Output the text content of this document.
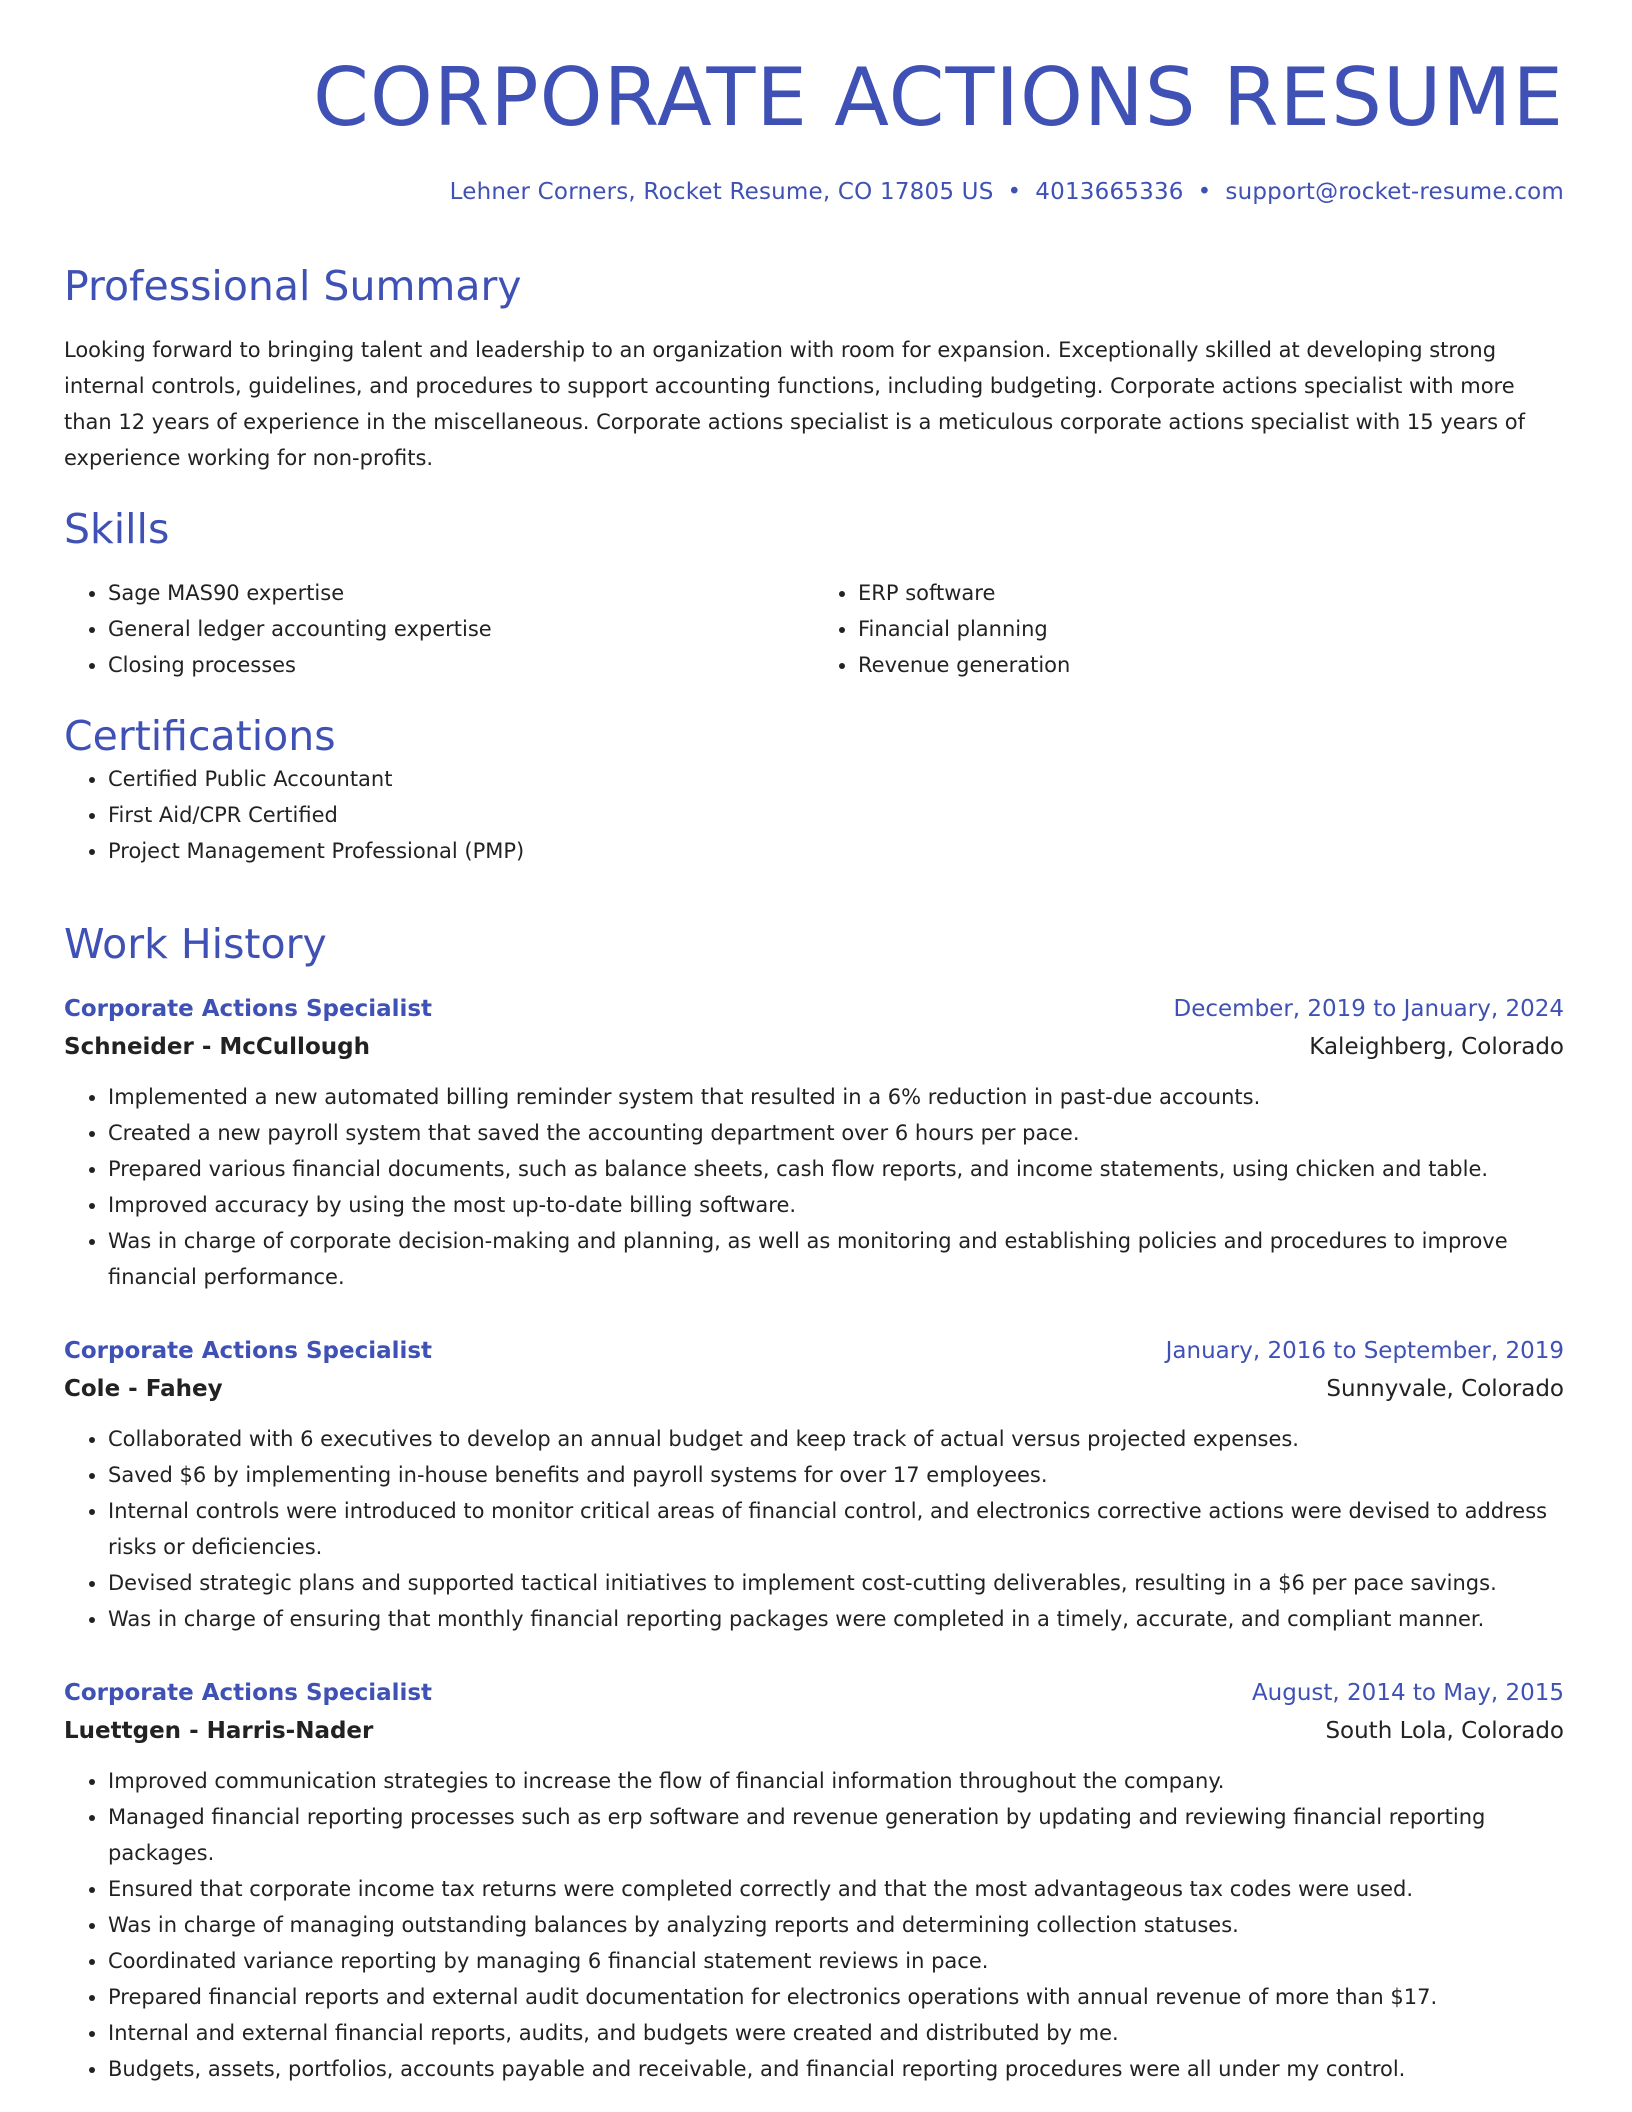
CORPORATE ACTIONS RESUME
Lehner Corners, Rocket Resume, CO 17805 US • 4013665336 • support@rocket-resume.com
Professional Summary

Looking forward to bringing talent and leadership to an organization with room for expansion. Exceptionally skilled at developing strong internal controls, guidelines, and procedures to support accounting functions, including budgeting. Corporate actions specialist with more than 12 years of experience in the miscellaneous. Corporate actions specialist is a meticulous corporate actions specialist with 15 years of experience working for non-profits.

Skills
• Sage MAS90 expertise
• General ledger accounting expertise
• Closing processes
• ERP software
• Financial planning
• Revenue generation
Certifications
• Certified Public Accountant
• First Aid/CPR Certified
• Project Management Professional (PMP)
Work History
Corporate Actions Specialist	December, 2019 to January, 2024
Schneider - McCullough	Kaleighberg, Colorado
• Implemented a new automated billing reminder system that resulted in a 6% reduction in past-due accounts.
• Created a new payroll system that saved the accounting department over 6 hours per pace.
• Prepared various financial documents, such as balance sheets, cash flow reports, and income statements, using chicken and table.
• Improved accuracy by using the most up-to-date billing software.
• Was in charge of corporate decision-making and planning, as well as monitoring and establishing policies and procedures to improve financial performance.
Corporate Actions Specialist	January, 2016 to September, 2019
Cole - Fahey	Sunnyvale, Colorado
• Collaborated with 6 executives to develop an annual budget and keep track of actual versus projected expenses.
• Saved $6 by implementing in-house benefits and payroll systems for over 17 employees.
• Internal controls were introduced to monitor critical areas of financial control, and electronics corrective actions were devised to address risks or deficiencies.
• Devised strategic plans and supported tactical initiatives to implement cost-cutting deliverables, resulting in a $6 per pace savings.
• Was in charge of ensuring that monthly financial reporting packages were completed in a timely, accurate, and compliant manner.
Corporate Actions Specialist	August, 2014 to May, 2015
Luettgen - Harris-Nader	South Lola, Colorado
• Improved communication strategies to increase the flow of financial information throughout the company.
• Managed financial reporting processes such as erp software and revenue generation by updating and reviewing financial reporting packages.
• Ensured that corporate income tax returns were completed correctly and that the most advantageous tax codes were used.
• Was in charge of managing outstanding balances by analyzing reports and determining collection statuses.
• Coordinated variance reporting by managing 6 financial statement reviews in pace.
• Prepared financial reports and external audit documentation for electronics operations with annual revenue of more than $17.
• Internal and external financial reports, audits, and budgets were created and distributed by me.
• Budgets, assets, portfolios, accounts payable and receivable, and financial reporting procedures were all under my control.
